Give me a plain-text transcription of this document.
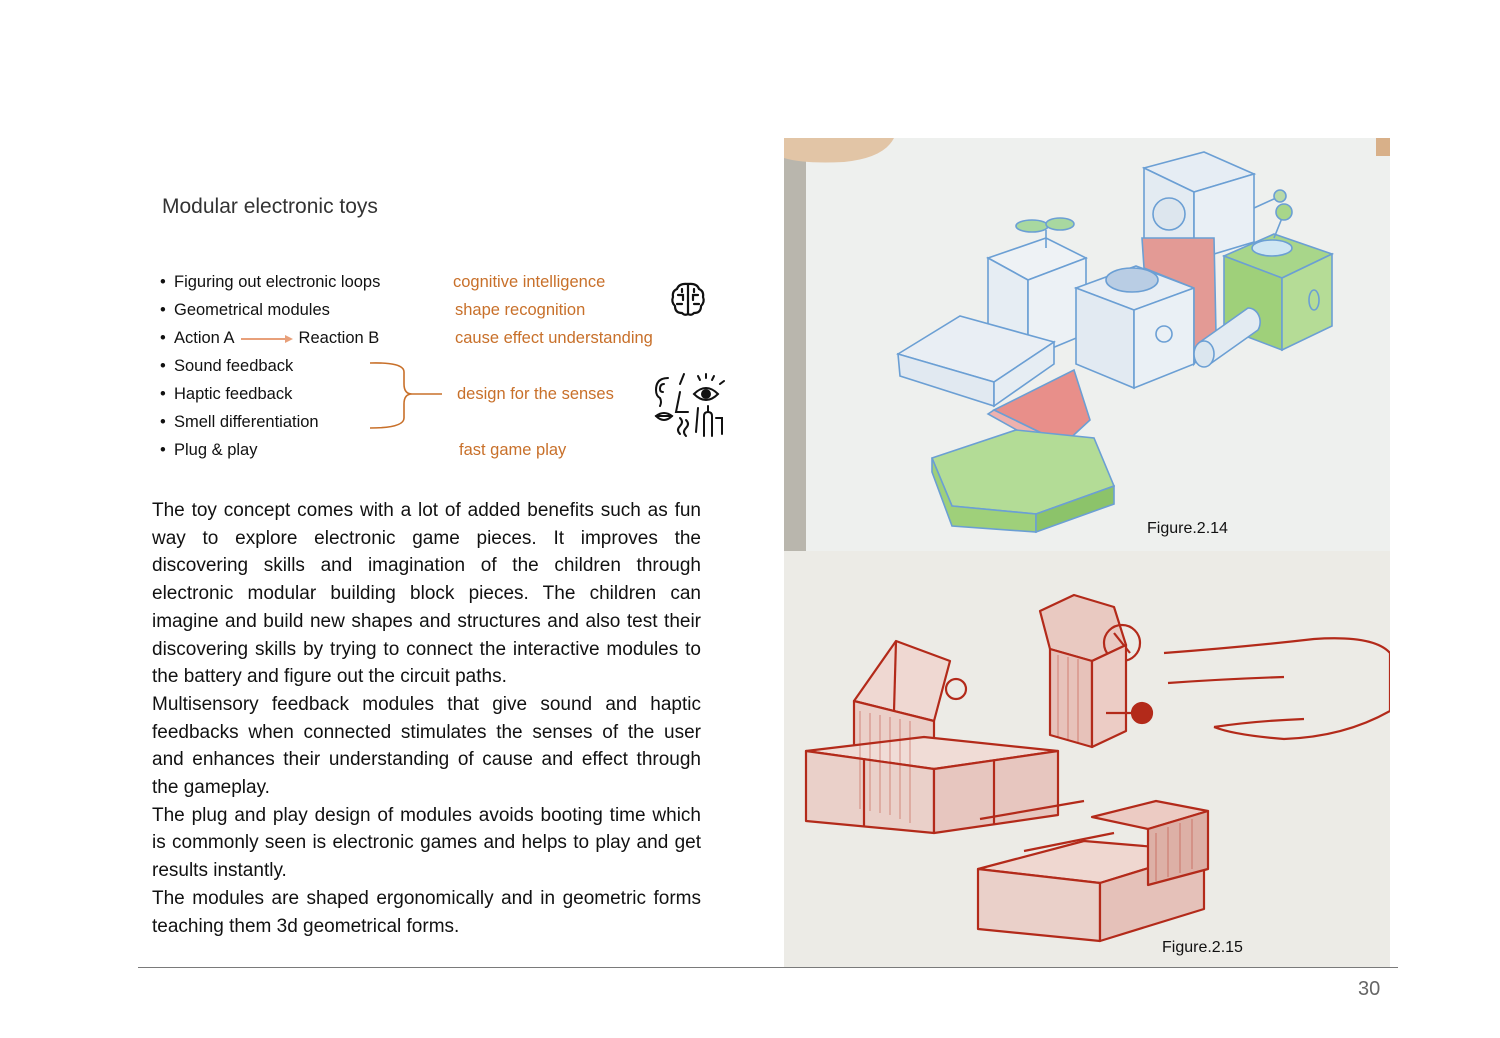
Modular electronic toys
• Figuring out electronic loops
• Geometrical modules
• Action A	Reaction B
• Sound feedback
• Haptic feedback
• Smell differentiation
• Plug & play
cognitive intelligence
shape recognition
cause effect understanding
design for the senses
fast game play

The toy concept comes with a lot of added benefits such as fun way to explore electronic game pieces. It improves the discovering skills and imagination of the children through electronic modular building block pieces. The children can imagine and build new shapes and structures and also test their discovering skills by trying to connect the interactive modules to the battery and figure out the circuit paths.

Multisensory feedback modules that give sound and haptic feedbacks when connected stimulates the senses of the user and enhances their understanding of cause and effect through the gameplay.

The plug and play design of modules avoids booting time which is commonly seen is electronic games and helps to play and get results instantly.

The modules are shaped ergonomically and in geometric forms teaching them 3d geometrical forms.

Figure.2.14
Figure.2.15
30
